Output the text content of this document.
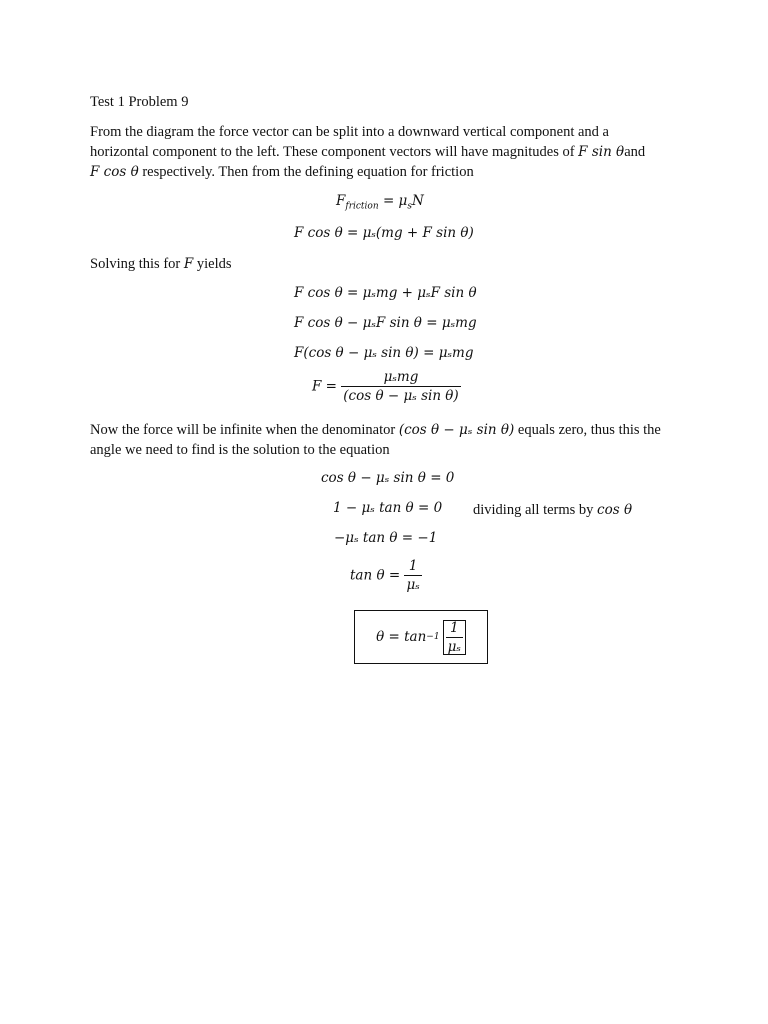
Test 1 Problem 9
From the diagram the force vector can be split into a downward vertical component and a
horizontal component to the left. These component vectors will have magnitudes of F sin θand
F cos θ respectively. Then from the defining equation for friction
$F_{friction} = \mu_sN$
F cos θ = μₛ(mg + F sin θ)
Solving this for F yields
F cos θ = μₛmg + μₛF sin θ
F cos θ − μₛF sin θ = μₛmg
F(cos θ − μₛ sin θ) = μₛmg
$F = \frac{\text{μₛmg}}{\text{(cos θ − μₛ sin θ)}}$
Now the force will be infinite when the denominator (cos θ − μₛ sin θ) equals zero, thus this the
angle we need to find is the solution to the equation
cos θ − μₛ sin θ = 0
1 − μₛ tan θ = 0 dividing all terms by cos θ
−μₛ tan θ = −1
$\tan \theta = \frac{1}{\text{μₛ}}$
$\theta = \tan -1 \frac{1}{\text{μₛ}}$
